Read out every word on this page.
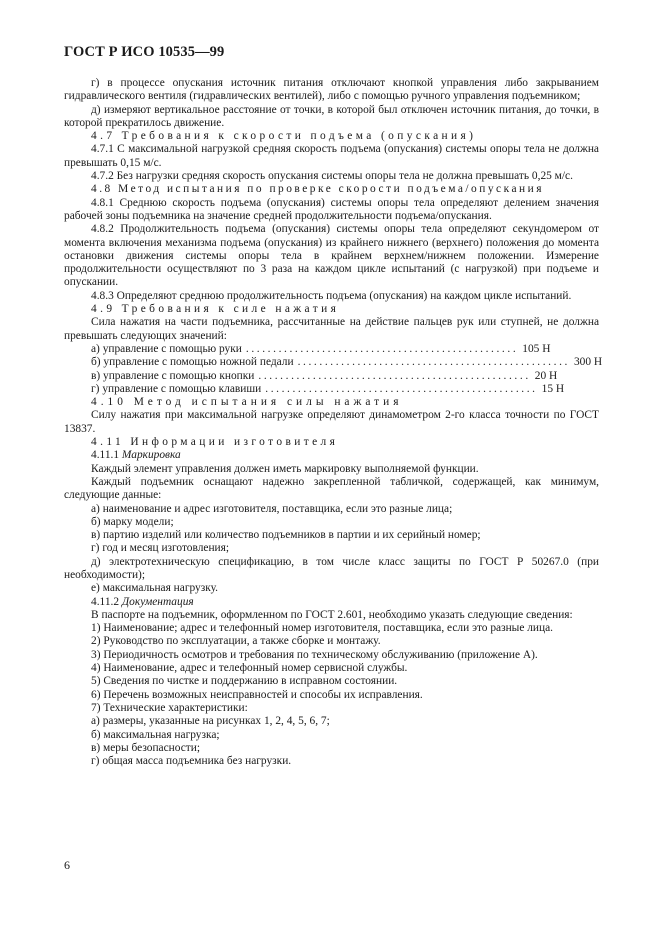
ГОСТ Р ИСО 10535—99

г) в процессе опускания источник питания отключают кнопкой управления либо закрыванием гидравлического вентиля (гидравлических вентилей), либо с помощью ручного управления подъемником;

д) измеряют вертикальное расстояние от точки, в которой был отключен источник питания, до точки, в которой прекратилось движение.

4.7 Требования к скорости подъема (опускания)

4.7.1 С максимальной нагрузкой средняя скорость подъема (опускания) системы опоры тела не должна превышать 0,15 м/с.

4.7.2 Без нагрузки средняя скорость опускания системы опоры тела не должна превышать 0,25 м/с.

4.8 Метод испытания по проверке скорости подъема/опускания

4.8.1 Среднюю скорость подъема (опускания) системы опоры тела определяют делением значения рабочей зоны подъемника на значение средней продолжительности подъема/опускания.

4.8.2 Продолжительность подъема (опускания) системы опоры тела определяют секундомером от момента включения механизма подъема (опускания) из крайнего нижнего (верхнего) положения до момента остановки движения системы опоры тела в крайнем верхнем/нижнем положении. Измерение продолжительности осуществляют по 3 раза на каждом цикле испытаний (с нагрузкой) при подъеме и опускании.

4.8.3 Определяют среднюю продолжительность подъема (опускания) на каждом цикле испытаний.

4.9 Требования к силе нажатия

Сила нажатия на части подъемника, рассчитанные на действие пальцев рук или ступней, не должна превышать следующих значений:

а) управление с помощью руки .................................................. 105 Н
б) управление с помощью ножной педали .................................................. 300 Н
в) управление с помощью кнопки .................................................. 20 Н
г) управление с помощью клавиши .................................................. 15 Н

4.10 Метод испытания силы нажатия

Силу нажатия при максимальной нагрузке определяют динамометром 2-го класса точности по ГОСТ 13837.

4.11 Информации изготовителя

4.11.1 Маркировка

Каждый элемент управления должен иметь маркировку выполняемой функции.

Каждый подъемник оснащают надежно закрепленной табличкой, содержащей, как минимум, следующие данные:

а) наименование и адрес изготовителя, поставщика, если это разные лица;

б) марку модели;

в) партию изделий или количество подъемников в партии и их серийный номер;

г) год и месяц изготовления;

д) электротехническую спецификацию, в том числе класс защиты по ГОСТ Р 50267.0 (при необходимости);

е) максимальная нагрузку.

4.11.2 Документация

В паспорте на подъемник, оформленном по ГОСТ 2.601, необходимо указать следующие сведения:

1) Наименование; адрес и телефонный номер изготовителя, поставщика, если это разные лица.

2) Руководство по эксплуатации, а также сборке и монтажу.

3) Периодичность осмотров и требования по техническому обслуживанию (приложение А).

4) Наименование, адрес и телефонный номер сервисной службы.

5) Сведения по чистке и поддержанию в исправном состоянии.

6) Перечень возможных неисправностей и способы их исправления.

7) Технические характеристики:

а) размеры, указанные на рисунках 1, 2, 4, 5, 6, 7;

б) максимальная нагрузка;

в) меры безопасности;

г) общая масса подъемника без нагрузки.

6
